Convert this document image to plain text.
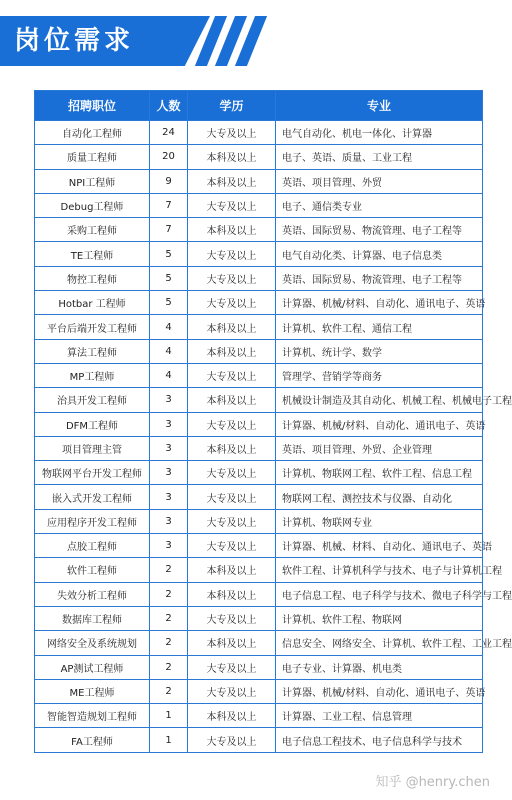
岗位需求
招聘职位	人数	学历	专业
自动化工程师	24	大专及以上	电气自动化、机电一体化、计算器
质量工程师	20	本科及以上	电子、英语、质量、工业工程
NPI工程师	9	本科及以上	英语、项目管理、外贸
Debug工程师	7	大专及以上	电子、通信类专业
采购工程师	7	本科及以上	英语、国际贸易、物流管理、电子工程等
TE工程师	5	大专及以上	电气自动化类、计算器、电子信息类
物控工程师	5	大专及以上	英语、国际贸易、物流管理、电子工程等
Hotbar 工程师	5	大专及以上	计算器、机械/材料、自动化、通讯电子、英语
平台后端开发工程师	4	本科及以上	计算机、软件工程、通信工程
算法工程师	4	本科及以上	计算机、统计学、数学
MP工程师	4	大专及以上	管理学、营销学等商务
治具开发工程师	3	本科及以上	机械设计制造及其自动化、机械工程、机械电子工程
DFM工程师	3	大专及以上	计算器、机械/材料、自动化、通讯电子、英语
项目管理主管	3	本科及以上	英语、项目管理、外贸、企业管理
物联网平台开发工程师	3	大专及以上	计算机、物联网工程、软件工程、信息工程
嵌入式开发工程师	3	大专及以上	物联网工程、测控技术与仪器、自动化
应用程序开发工程师	3	大专及以上	计算机、物联网专业
点胶工程师	3	大专及以上	计算器、机械、材料、自动化、通讯电子、英语
软件工程师	2	本科及以上	软件工程、计算机科学与技术、电子与计算机工程
失效分析工程师	2	本科及以上	电子信息工程、电子科学与技术、微电子科学与工程
数据库工程师	2	大专及以上	计算机、软件工程、物联网
网络安全及系统规划	2	本科及以上	信息安全、网络安全、计算机、软件工程、工业工程
AP测试工程师	2	大专及以上	电子专业、计算器、机电类
ME工程师	2	大专及以上	计算器、机械/材料、自动化、通讯电子、英语
智能智造规划工程师	1	本科及以上	计算器、工业工程、信息管理
FA工程师	1	大专及以上	电子信息工程技术、电子信息科学与技术
知乎 @henry.chen
